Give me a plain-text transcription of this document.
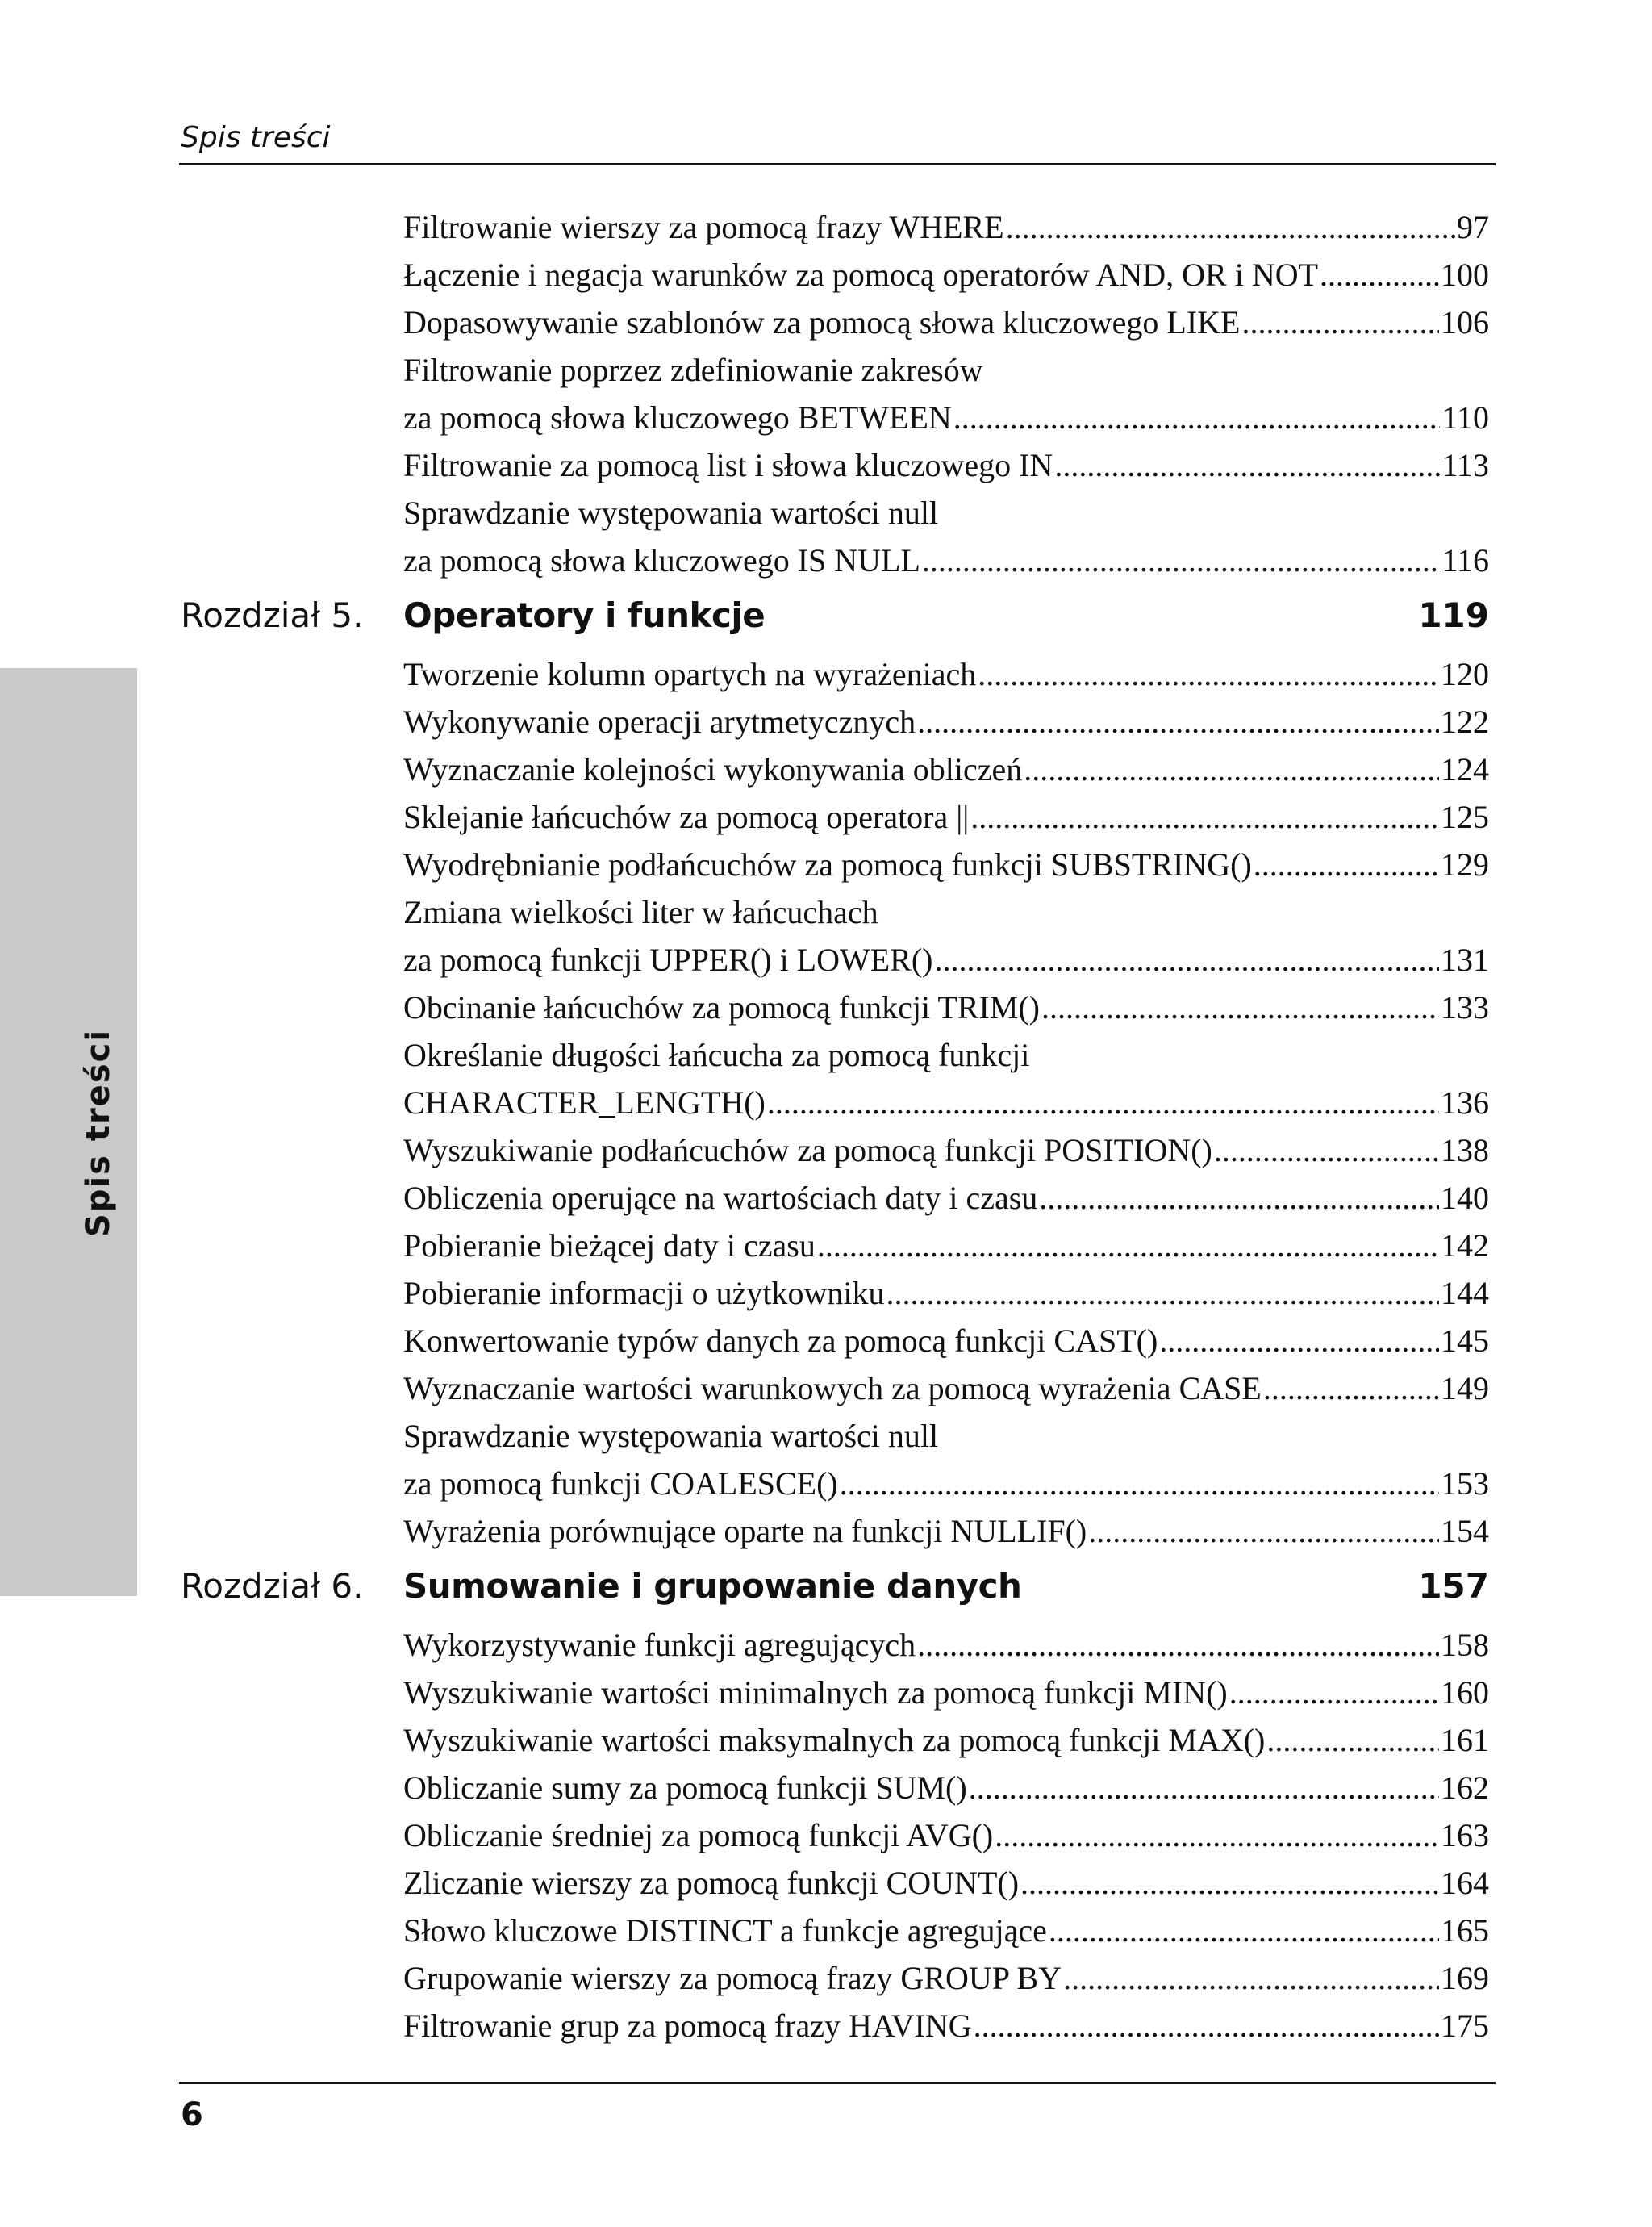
Spis treści
Spis treści
Filtrowanie wierszy za pomocą frazy WHERE .....	97
Łączenie i negacja warunków za pomocą operatorów AND, OR i NOT .....	100
Dopasowywanie szablonów za pomocą słowa kluczowego LIKE .....	106
Filtrowanie poprzez zdefiniowanie zakresów
za pomocą słowa kluczowego BETWEEN .....	110
Filtrowanie za pomocą list i słowa kluczowego IN .....	113
Sprawdzanie występowania wartości null
za pomocą słowa kluczowego IS NULL .....	116
Rozdział 5.	Operatory i funkcje	119
Tworzenie kolumn opartych na wyrażeniach .....	120
Wykonywanie operacji arytmetycznych .....	122
Wyznaczanie kolejności wykonywania obliczeń .....	124
Sklejanie łańcuchów za pomocą operatora || .....	125
Wyodrębnianie podłańcuchów za pomocą funkcji SUBSTRING() .....	129
Zmiana wielkości liter w łańcuchach
za pomocą funkcji UPPER() i LOWER() .....	131
Obcinanie łańcuchów za pomocą funkcji TRIM() .....	133
Określanie długości łańcucha za pomocą funkcji
CHARACTER_LENGTH() .....	136
Wyszukiwanie podłańcuchów za pomocą funkcji POSITION() .....	138
Obliczenia operujące na wartościach daty i czasu .....	140
Pobieranie bieżącej daty i czasu .....	142
Pobieranie informacji o użytkowniku .....	144
Konwertowanie typów danych za pomocą funkcji CAST() .....	145
Wyznaczanie wartości warunkowych za pomocą wyrażenia CASE .....	149
Sprawdzanie występowania wartości null
za pomocą funkcji COALESCE() .....	153
Wyrażenia porównujące oparte na funkcji NULLIF() .....	154
Rozdział 6.	Sumowanie i grupowanie danych	157
Wykorzystywanie funkcji agregujących .....	158
Wyszukiwanie wartości minimalnych za pomocą funkcji MIN() .....	160
Wyszukiwanie wartości maksymalnych za pomocą funkcji MAX() .....	161
Obliczanie sumy za pomocą funkcji SUM() .....	162
Obliczanie średniej za pomocą funkcji AVG() .....	163
Zliczanie wierszy za pomocą funkcji COUNT() .....	164
Słowo kluczowe DISTINCT a funkcje agregujące .....	165
Grupowanie wierszy za pomocą frazy GROUP BY .....	169
Filtrowanie grup za pomocą frazy HAVING .....	175
6
